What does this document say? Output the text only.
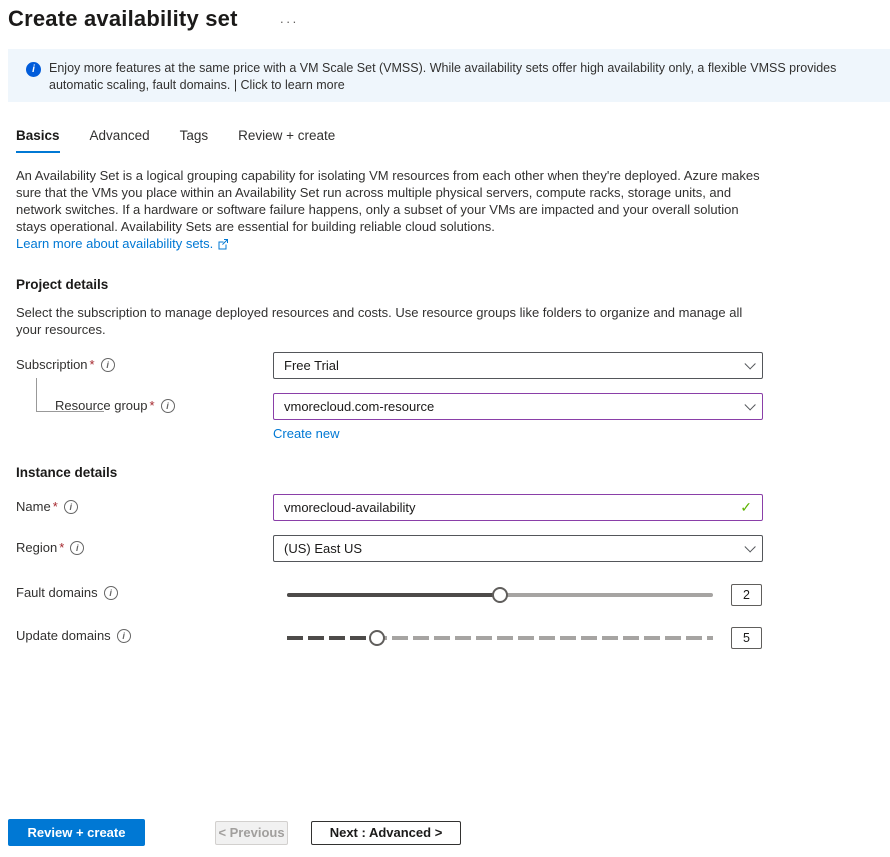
Create availability set	···
i	Enjoy more features at the same price with a VM Scale Set (VMSS). While availability sets offer high availability only, a flexible VMSS provides automatic scaling, fault domains. | Click to learn more
Basics Advanced Tags Review + create
An Availability Set is a logical grouping capability for isolating VM resources from each other when they're deployed. Azure makes sure that the VMs you place within an Availability Set run across multiple physical servers, compute racks, storage units, and network switches. If a hardware or software failure happens, only a subset of your VMs are impacted and your overall solution stays operational. Availability Sets are essential for building reliable cloud solutions.
Learn more about availability sets.
Project details
Select the subscription to manage deployed resources and costs. Use resource groups like folders to organize and manage all your resources.
Subscription *	i	Free Trial
Resource group *	i	vmorecloud.com-resource
Create new
Instance details
Name *	i	vmorecloud-availability	✓
Region *	i	(US) East US
Fault domains	i	2
Update domains	i	5
Review + create	< Previous	Next : Advanced >
